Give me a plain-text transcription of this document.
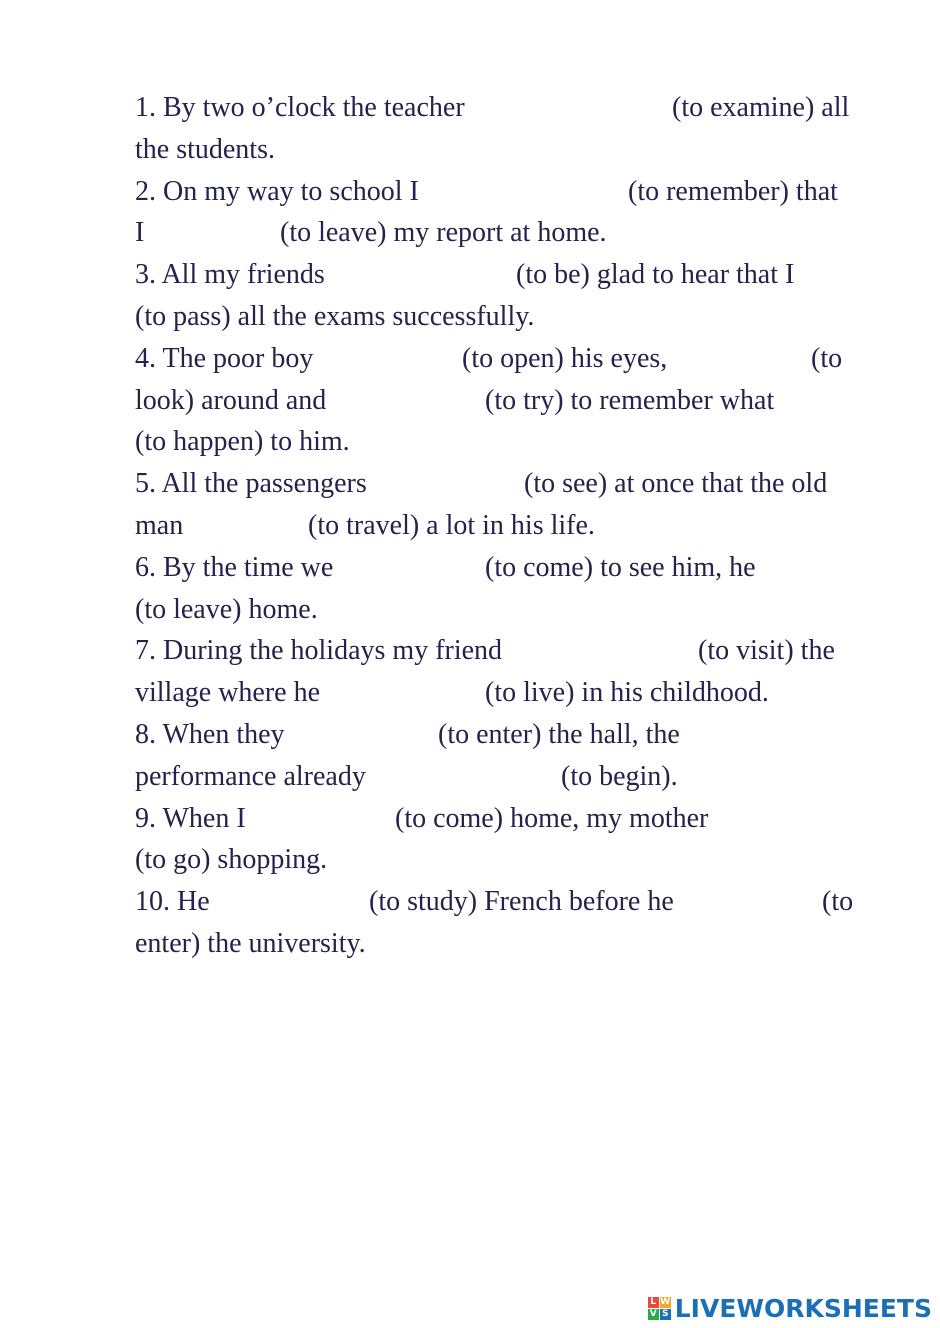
1. By two o’clock the teacher	(to examine) all
the students.
2. On my way to school I	(to remember) that
I	(to leave) my report at home.
3. All my friends	(to be) glad to hear that I
(to pass) all the exams successfully.
4. The poor boy	(to open) his eyes,	(to
look) around and	(to try) to remember what
(to happen) to him.
5. All the passengers	(to see) at once that the old
man	(to travel) a lot in his life.
6. By the time we	(to come) to see him, he
(to leave) home.
7. During the holidays my friend	(to visit) the
village where he	(to live) in his childhood.
8. When they	(to enter) the hall, the
performance already	(to begin).
9. When I	(to come) home, my mother
(to go) shopping.
10. He	(to study) French before he	(to
enter) the university.
L W
V S LIVEWORKSHEETS
